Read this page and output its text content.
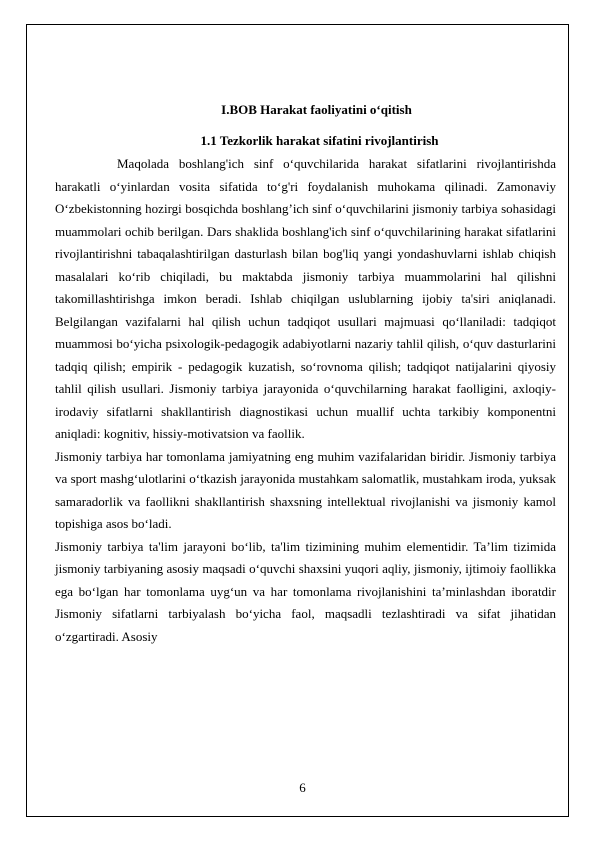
I.BOB Harakat faoliyatini o‘qitish
1.1 Tezkorlik harakat sifatini rivojlantirish

Maqolada boshlang'ich sinf o‘quvchilarida harakat sifatlarini rivojlantirishda harakatli o‘yinlardan vosita sifatida to‘g'ri foydalanish muhokama qilinadi. Zamonaviy O‘zbekistonning hozirgi bosqichda boshlang’ich sinf o‘quvchilarini jismoniy tarbiya sohasidagi muammolari ochib berilgan. Dars shaklida boshlang'ich sinf o‘quvchilarining harakat sifatlarini rivojlantirishni tabaqalashtirilgan dasturlash bilan bog'liq yangi yondashuvlarni ishlab chiqish masalalari ko‘rib chiqiladi, bu maktabda jismoniy tarbiya muammolarini hal qilishni takomillashtirishga imkon beradi. Ishlab chiqilgan uslublarning ijobiy ta'siri aniqlanadi. Belgilangan vazifalarni hal qilish uchun tadqiqot usullari majmuasi qo‘llaniladi: tadqiqot muammosi bo‘yicha psixologik-pedagogik adabiyotlarni nazariy tahlil qilish, o‘quv dasturlarini tadqiq qilish; empirik - pedagogik kuzatish, so‘rovnoma qilish; tadqiqot natijalarini qiyosiy tahlil qilish usullari. Jismoniy tarbiya jarayonida o‘quvchilarning harakat faolligini, axloqiy-irodaviy sifatlarni shakllantirish diagnostikasi uchun muallif uchta tarkibiy komponentni aniqladi: kognitiv, hissiy-motivatsion va faollik.

Jismoniy tarbiya har tomonlama jamiyatning eng muhim vazifalaridan biridir. Jismoniy tarbiya va sport mashg‘ulotlarini o‘tkazish jarayonida mustahkam salomatlik, mustahkam iroda, yuksak samaradorlik va faollikni shakllantirish shaxsning intellektual rivojlanishi va jismoniy kamol topishiga asos bo‘ladi.

Jismoniy tarbiya ta'lim jarayoni bo‘lib, ta'lim tizimining muhim elementidir. Ta’lim tizimida jismoniy tarbiyaning asosiy maqsadi o‘quvchi shaxsini yuqori aqliy, jismoniy, ijtimoiy faollikka ega bo‘lgan har tomonlama uyg‘un va har tomonlama rivojlanishini ta’minlashdan iboratdir Jismoniy sifatlarni tarbiyalash bo‘yicha faol, maqsadli tezlashtiradi va sifat jihatidan o‘zgartiradi. Asosiy

6
